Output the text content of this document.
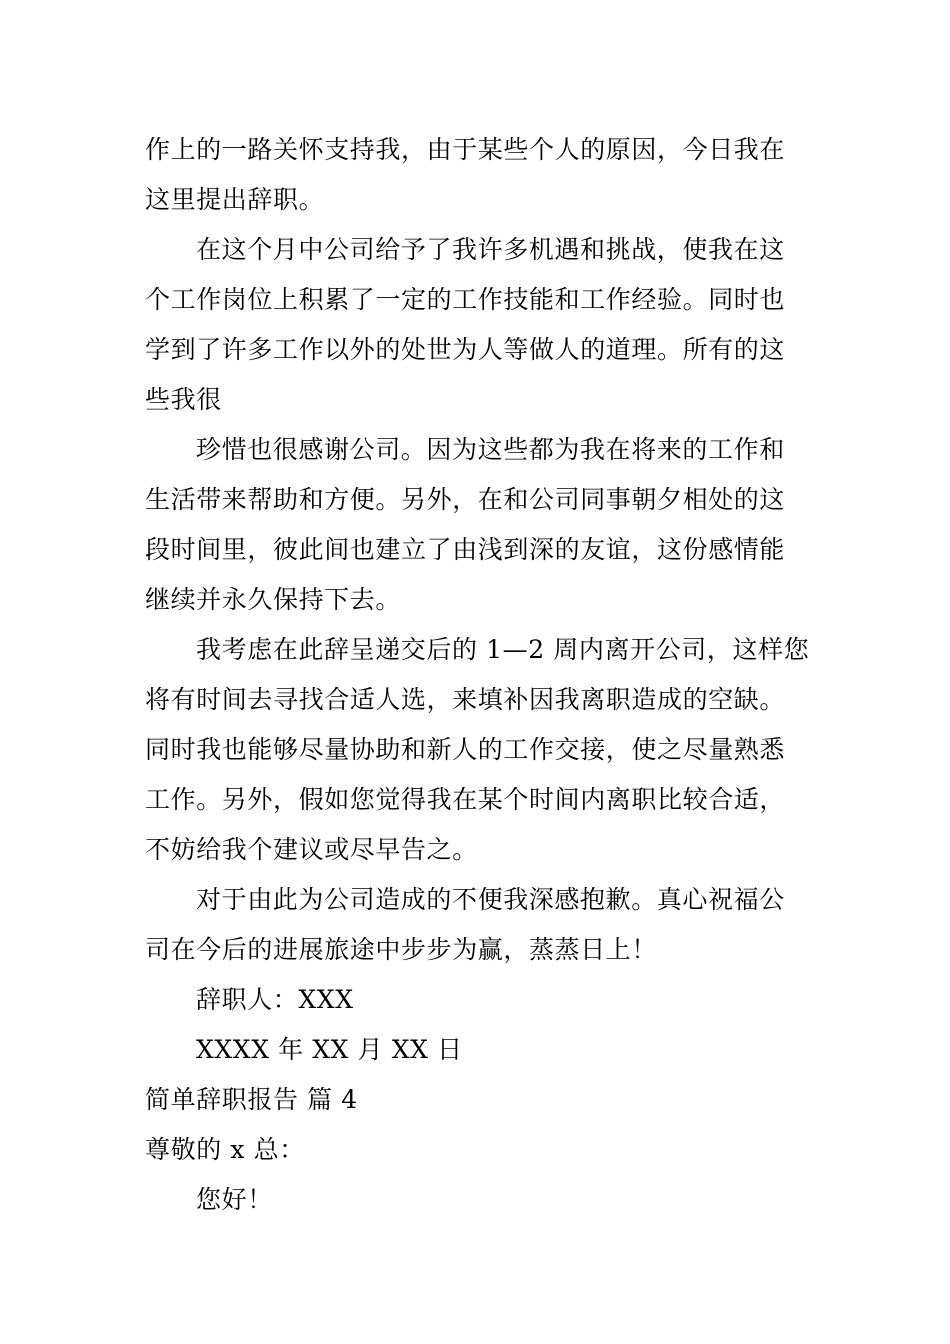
作上的一路关怀支持我，由于某些个人的原因，今日我在
这里提出辞职。
在这个月中公司给予了我许多机遇和挑战，使我在这
个工作岗位上积累了一定的工作技能和工作经验。同时也
学到了许多工作以外的处世为人等做人的道理。所有的这
些我很
珍惜也很感谢公司。因为这些都为我在将来的工作和
生活带来帮助和方便。另外，在和公司同事朝夕相处的这
段时间里，彼此间也建立了由浅到深的友谊，这份感情能
继续并永久保持下去。
我考虑在此辞呈递交后的 1—2 周内离开公司，这样您
将有时间去寻找合适人选，来填补因我离职造成的空缺。
同时我也能够尽量协助和新人的工作交接，使之尽量熟悉
工作。另外，假如您觉得我在某个时间内离职比较合适，
不妨给我个建议或尽早告之。
对于由此为公司造成的不便我深感抱歉。真心祝福公
司在今后的进展旅途中步步为赢，蒸蒸日上！
辞职人：XXX
XXXX 年 XX 月 XX 日
简单辞职报告 篇 4
尊敬的 x 总：
您好！
